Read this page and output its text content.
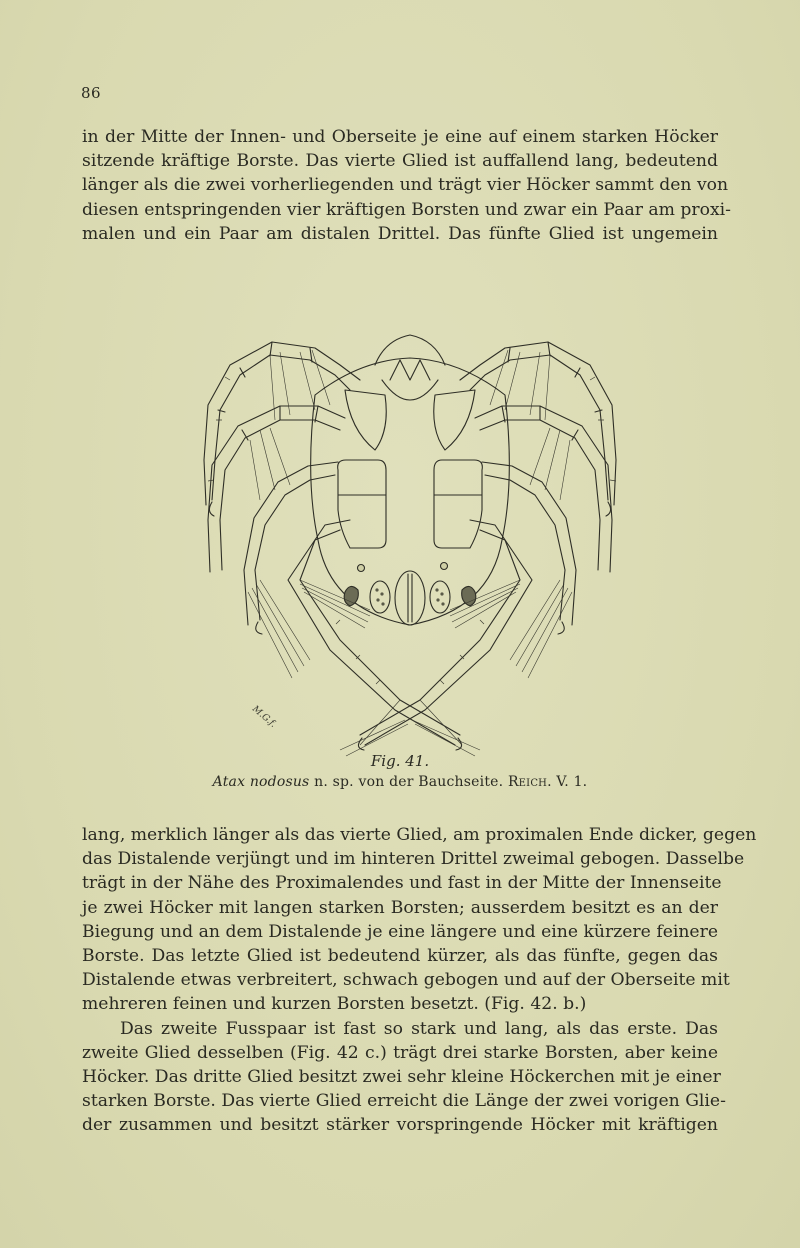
86
in der Mitte der Innen- und Oberseite je eine auf einem starken Höcker
sitzende kräftige Borste. Das vierte Glied ist auffallend lang, bedeutend
länger als die zwei vorherliegenden und trägt vier Höcker sammt den von
diesen entspringenden vier kräftigen Borsten und zwar ein Paar am proxi-
malen und ein Paar am distalen Drittel. Das fünfte Glied ist ungemein
M.G.f.
Fig. 41.
Atax nodosus n. sp. von der Bauchseite. Reich. V. 1.
lang, merklich länger als das vierte Glied, am proximalen Ende dicker, gegen
das Distalende verjüngt und im hinteren Drittel zweimal gebogen. Dasselbe
trägt in der Nähe des Proximalendes und fast in der Mitte der Innenseite
je zwei Höcker mit langen starken Borsten; ausserdem besitzt es an der
Biegung und an dem Distalende je eine längere und eine kürzere feinere
Borste. Das letzte Glied ist bedeutend kürzer, als das fünfte, gegen das
Distalende etwas verbreitert, schwach gebogen und auf der Oberseite mit
mehreren feinen und kurzen Borsten besetzt. (Fig. 42. b.)
Das zweite Fusspaar ist fast so stark und lang, als das erste. Das
zweite Glied desselben (Fig. 42 c.) trägt drei starke Borsten, aber keine
Höcker. Das dritte Glied besitzt zwei sehr kleine Höckerchen mit je einer
starken Borste. Das vierte Glied erreicht die Länge der zwei vorigen Glie-
der zusammen und besitzt stärker vorspringende Höcker mit kräftigen
